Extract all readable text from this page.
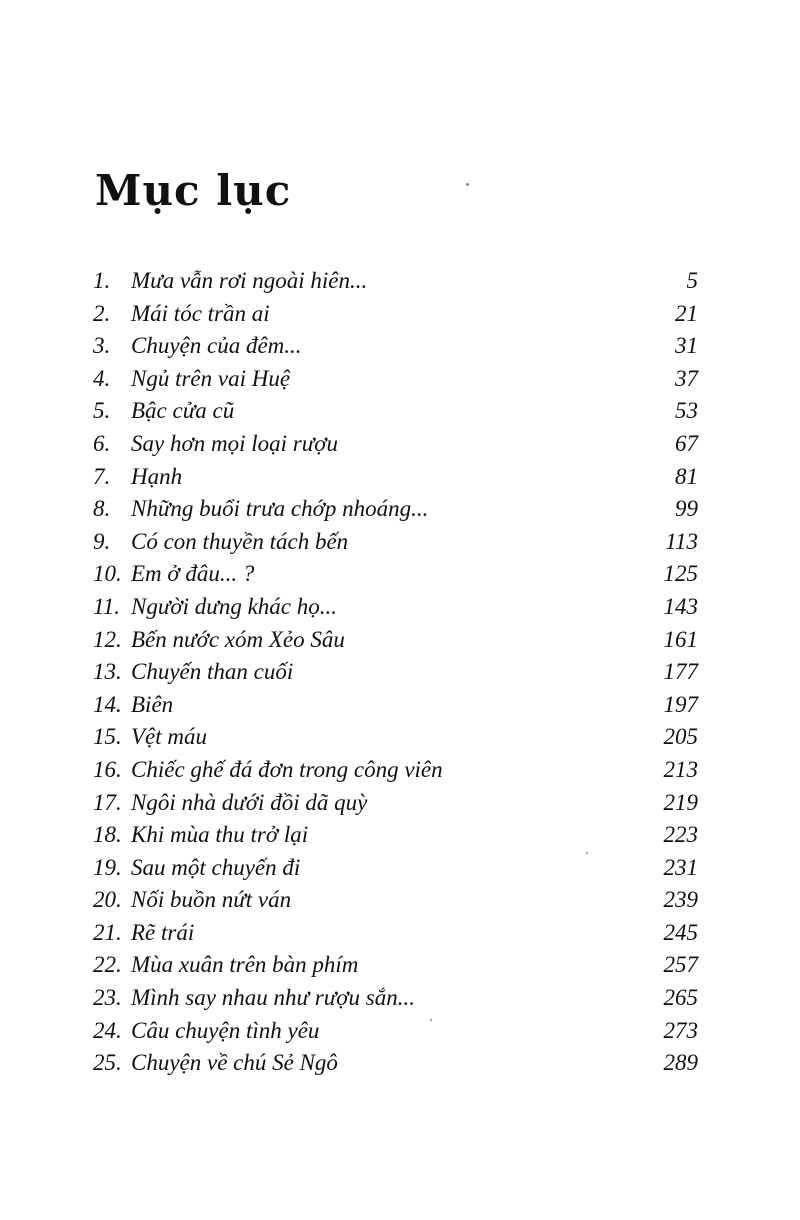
Mục lục
1. Mưa vẫn rơi ngoài hiên...	5
2. Mái tóc trần ai	21
3. Chuyện của đêm...	31
4. Ngủ trên vai Huệ	37
5. Bậc cửa cũ	53
6. Say hơn mọi loại rượu	67
7. Hạnh	81
8. Những buổi trưa chớp nhoáng...	99
9. Có con thuyền tách bến	113
10. Em ở đâu... ?	125
11. Người dưng khác họ...	143
12. Bến nước xóm Xẻo Sâu	161
13. Chuyến than cuối	177
14. Biên	197
15. Vệt máu	205
16. Chiếc ghế đá đơn trong công viên	213
17. Ngôi nhà dưới đồi dã quỳ	219
18. Khi mùa thu trở lại	223
19. Sau một chuyến đi	231
20. Nối buồn nứt ván	239
21. Rẽ trái	245
22. Mùa xuân trên bàn phím	257
23. Mình say nhau như rượu sắn...	265
24. Câu chuyện tình yêu	273
25. Chuyện về chú Sẻ Ngô	289
